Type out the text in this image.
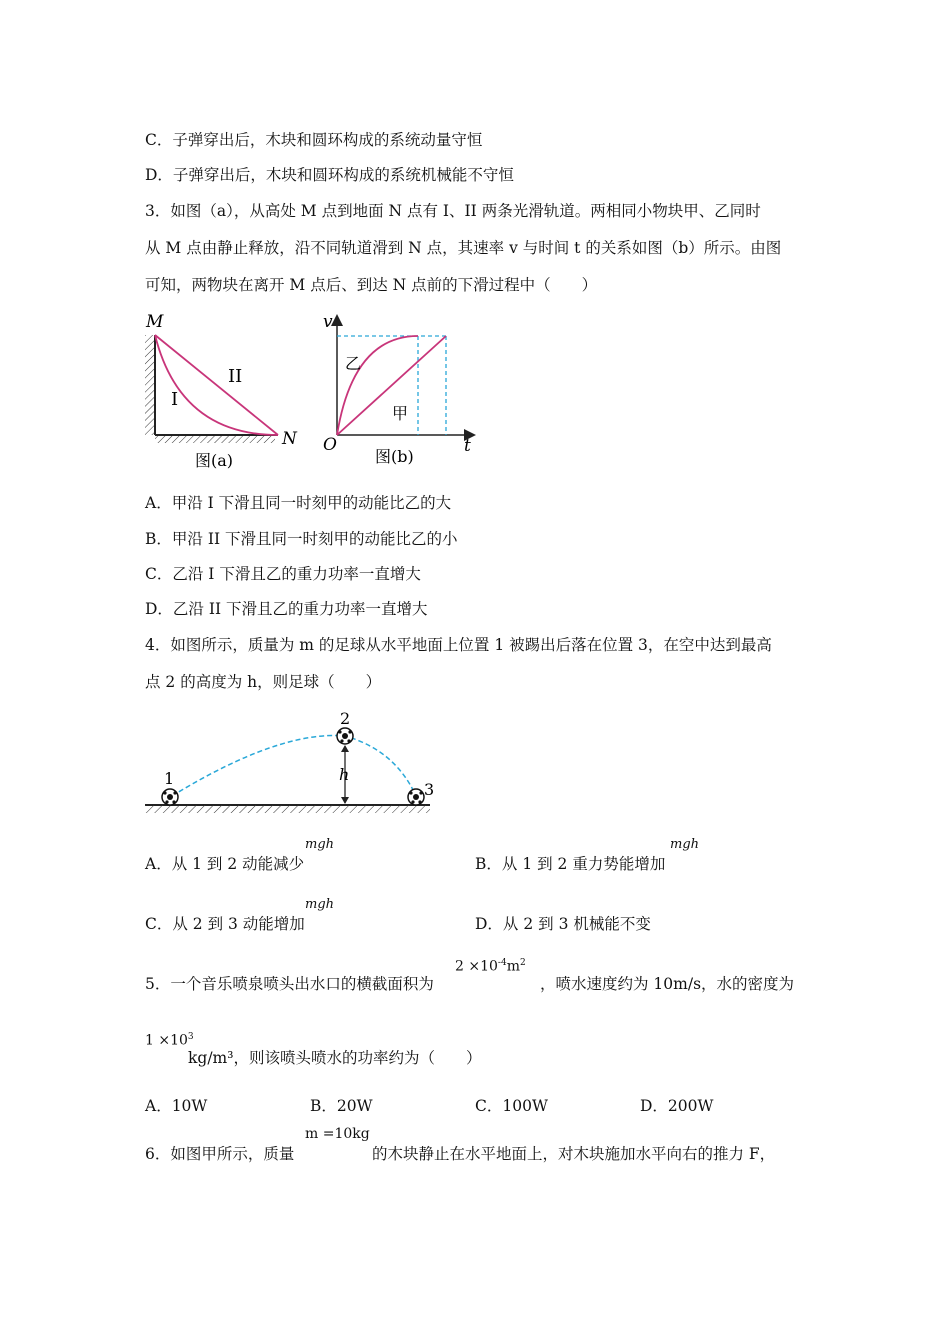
C．子弹穿出后，木块和圆环构成的系统动量守恒
D．子弹穿出后，木块和圆环构成的系统机械能不守恒
3．如图（a），从高处 M 点到地面 N 点有 I、II 两条光滑轨道。两相同小物块甲、乙同时
从 M 点由静止释放，沿不同轨道滑到 N 点，其速率 v 与时间 t 的关系如图（b）所示。由图
可知，两物块在离开 M 点后、到达 N 点前的下滑过程中（　　）
M
N
I
II
图(a)
v
t
O
乙
甲
图(b)
A．甲沿 I 下滑且同一时刻甲的动能比乙的大
B．甲沿 II 下滑且同一时刻甲的动能比乙的小
C．乙沿 I 下滑且乙的重力功率一直增大
D．乙沿 II 下滑且乙的重力功率一直增大
4．如图所示，质量为 m 的足球从水平地面上位置 1 被踢出后落在位置 3，在空中达到最高
点 2 的高度为 h，则足球（　　）
1
2
3
h
A．从 1 到 2 动能减少
mgh
B．从 1 到 2 重力势能增加
mgh
C．从 2 到 3 动能增加
mgh
D．从 2 到 3 机械能不变
5．一个音乐喷泉喷头出水口的横截面积为
$2 \times 10^{-4}m^2$
，喷水速度约为 10m/s，水的密度为
$1 \times 10^3$
kg/m³，则该喷头喷水的功率约为（　　）
A．10W	B．20W	C．100W	D．200W
6．如图甲所示，质量
m =10kg
的木块静止在水平地面上，对木块施加水平向右的推力 F，
